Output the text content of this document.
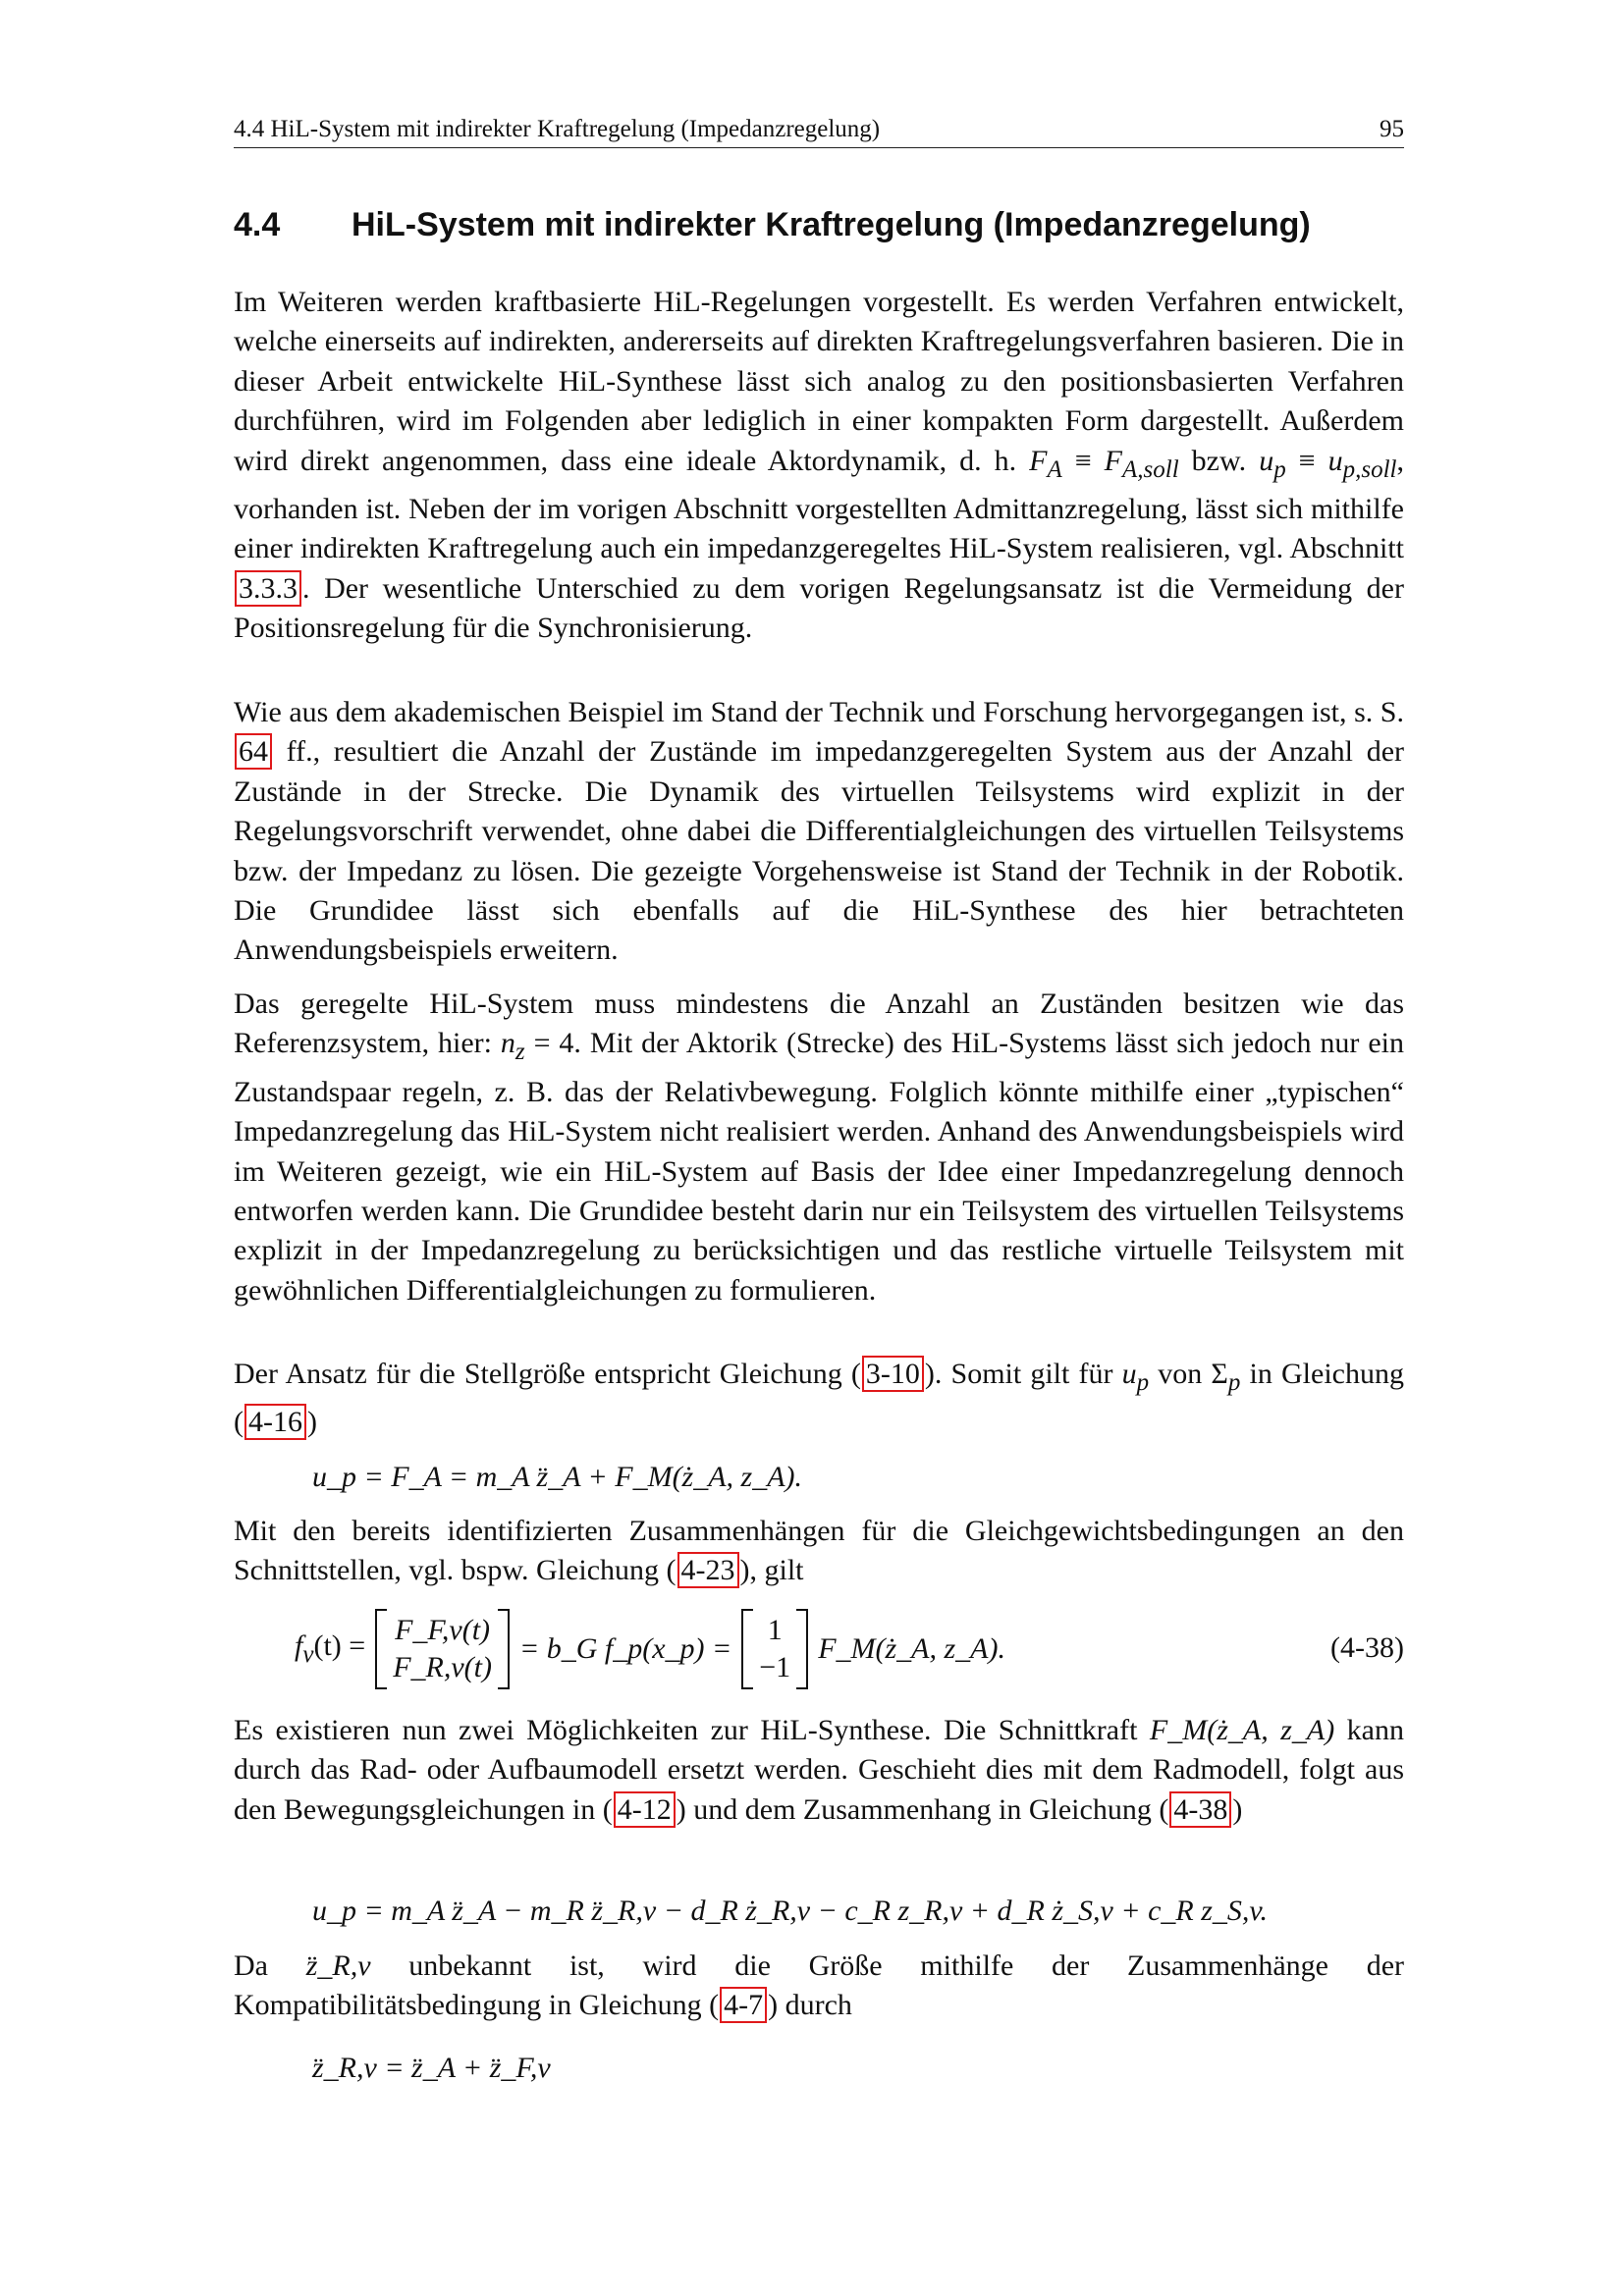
4.4 HiL-System mit indirekter Kraftregelung (Impedanzregelung)	95
4.4 HiL-System mit indirekter Kraftregelung (Impedanzregelung)

Im Weiteren werden kraftbasierte HiL-Regelungen vorgestellt. Es werden Verfahren entwickelt, welche einerseits auf indirekten, andererseits auf direkten Kraftregelungsverfahren basieren. Die in dieser Arbeit entwickelte HiL-Synthese lässt sich analog zu den positionsbasierten Verfahren durchführen, wird im Folgenden aber lediglich in einer kompakten Form dargestellt. Außerdem wird direkt angenommen, dass eine ideale Aktordynamik, d. h. $F_A \equiv F_{A,soll}$ bzw. $u_p \equiv u_{p,soll}$, vorhanden ist. Neben der im vorigen Abschnitt vorgestellten Admittanzregelung, lässt sich mithilfe einer indirekten Kraftregelung auch ein impedanzgeregeltes HiL-System realisieren, vgl. Abschnitt 3.3.3 . Der wesentliche Unterschied zu dem vorigen Regelungsansatz ist die Vermeidung der Positionsregelung für die Synchronisierung.

Wie aus dem akademischen Beispiel im Stand der Technik und Forschung hervorgegangen ist, s. S. 64 ff., resultiert die Anzahl der Zustände im impedanzgeregelten System aus der Anzahl der Zustände in der Strecke. Die Dynamik des virtuellen Teilsystems wird explizit in der Regelungsvorschrift verwendet, ohne dabei die Differentialgleichungen des virtuellen Teilsystems bzw. der Impedanz zu lösen. Die gezeigte Vorgehensweise ist Stand der Technik in der Robotik. Die Grundidee lässt sich ebenfalls auf die HiL-Synthese des hier betrachteten Anwendungsbeispiels erweitern.

Das geregelte HiL-System muss mindestens die Anzahl an Zuständen besitzen wie das Referenzsystem, hier: $n_z = 4$. Mit der Aktorik (Strecke) des HiL-Systems lässt sich jedoch nur ein Zustandspaar regeln, z. B. das der Relativbewegung. Folglich könnte mithilfe einer „typischen“ Impedanzregelung das HiL-System nicht realisiert werden. Anhand des Anwendungsbeispiels wird im Weiteren gezeigt, wie ein HiL-System auf Basis der Idee einer Impedanzregelung dennoch entworfen werden kann. Die Grundidee besteht darin nur ein Teilsystem des virtuellen Teilsystems explizit in der Impedanzregelung zu berücksichtigen und das restliche virtuelle Teilsystem mit gewöhnlichen Differentialgleichungen zu formulieren.

Der Ansatz für die Stellgröße entspricht Gleichung ( 3-10 ). Somit gilt für $u_p$ von $\Sigma_p$ in Gleichung ( 4-16 )

u_p = F_A = m_A z̈_A + F_M(ż_A, z_A).

Mit den bereits identifizierten Zusammenhängen für die Gleichgewichtsbedingungen an den Schnittstellen, vgl. bspw. Gleichung ( 4-23 ), gilt

$f_v(t)$ = F_F,v(t)
F_R,v(t)
= b_G f_p(x_p) =
1
−1
F_M(ż_A, z_A).	(4-38)

Es existieren nun zwei Möglichkeiten zur HiL-Synthese. Die Schnittkraft F_M(ż_A, z_A) kann durch das Rad- oder Aufbaumodell ersetzt werden. Geschieht dies mit dem Radmodell, folgt aus den Bewegungsgleichungen in ( 4-12 ) und dem Zusammenhang in Gleichung ( 4-38 )

u_p = m_A z̈_A − m_R z̈_R,v − d_R ż_R,v − c_R z_R,v + d_R ż_S,v + c_R z_S,v.

Da z̈_R,v unbekannt ist, wird die Größe mithilfe der Zusammenhänge der Kompatibilitätsbedingung in Gleichung ( 4-7 ) durch

z̈_R,v = z̈_A + z̈_F,v
